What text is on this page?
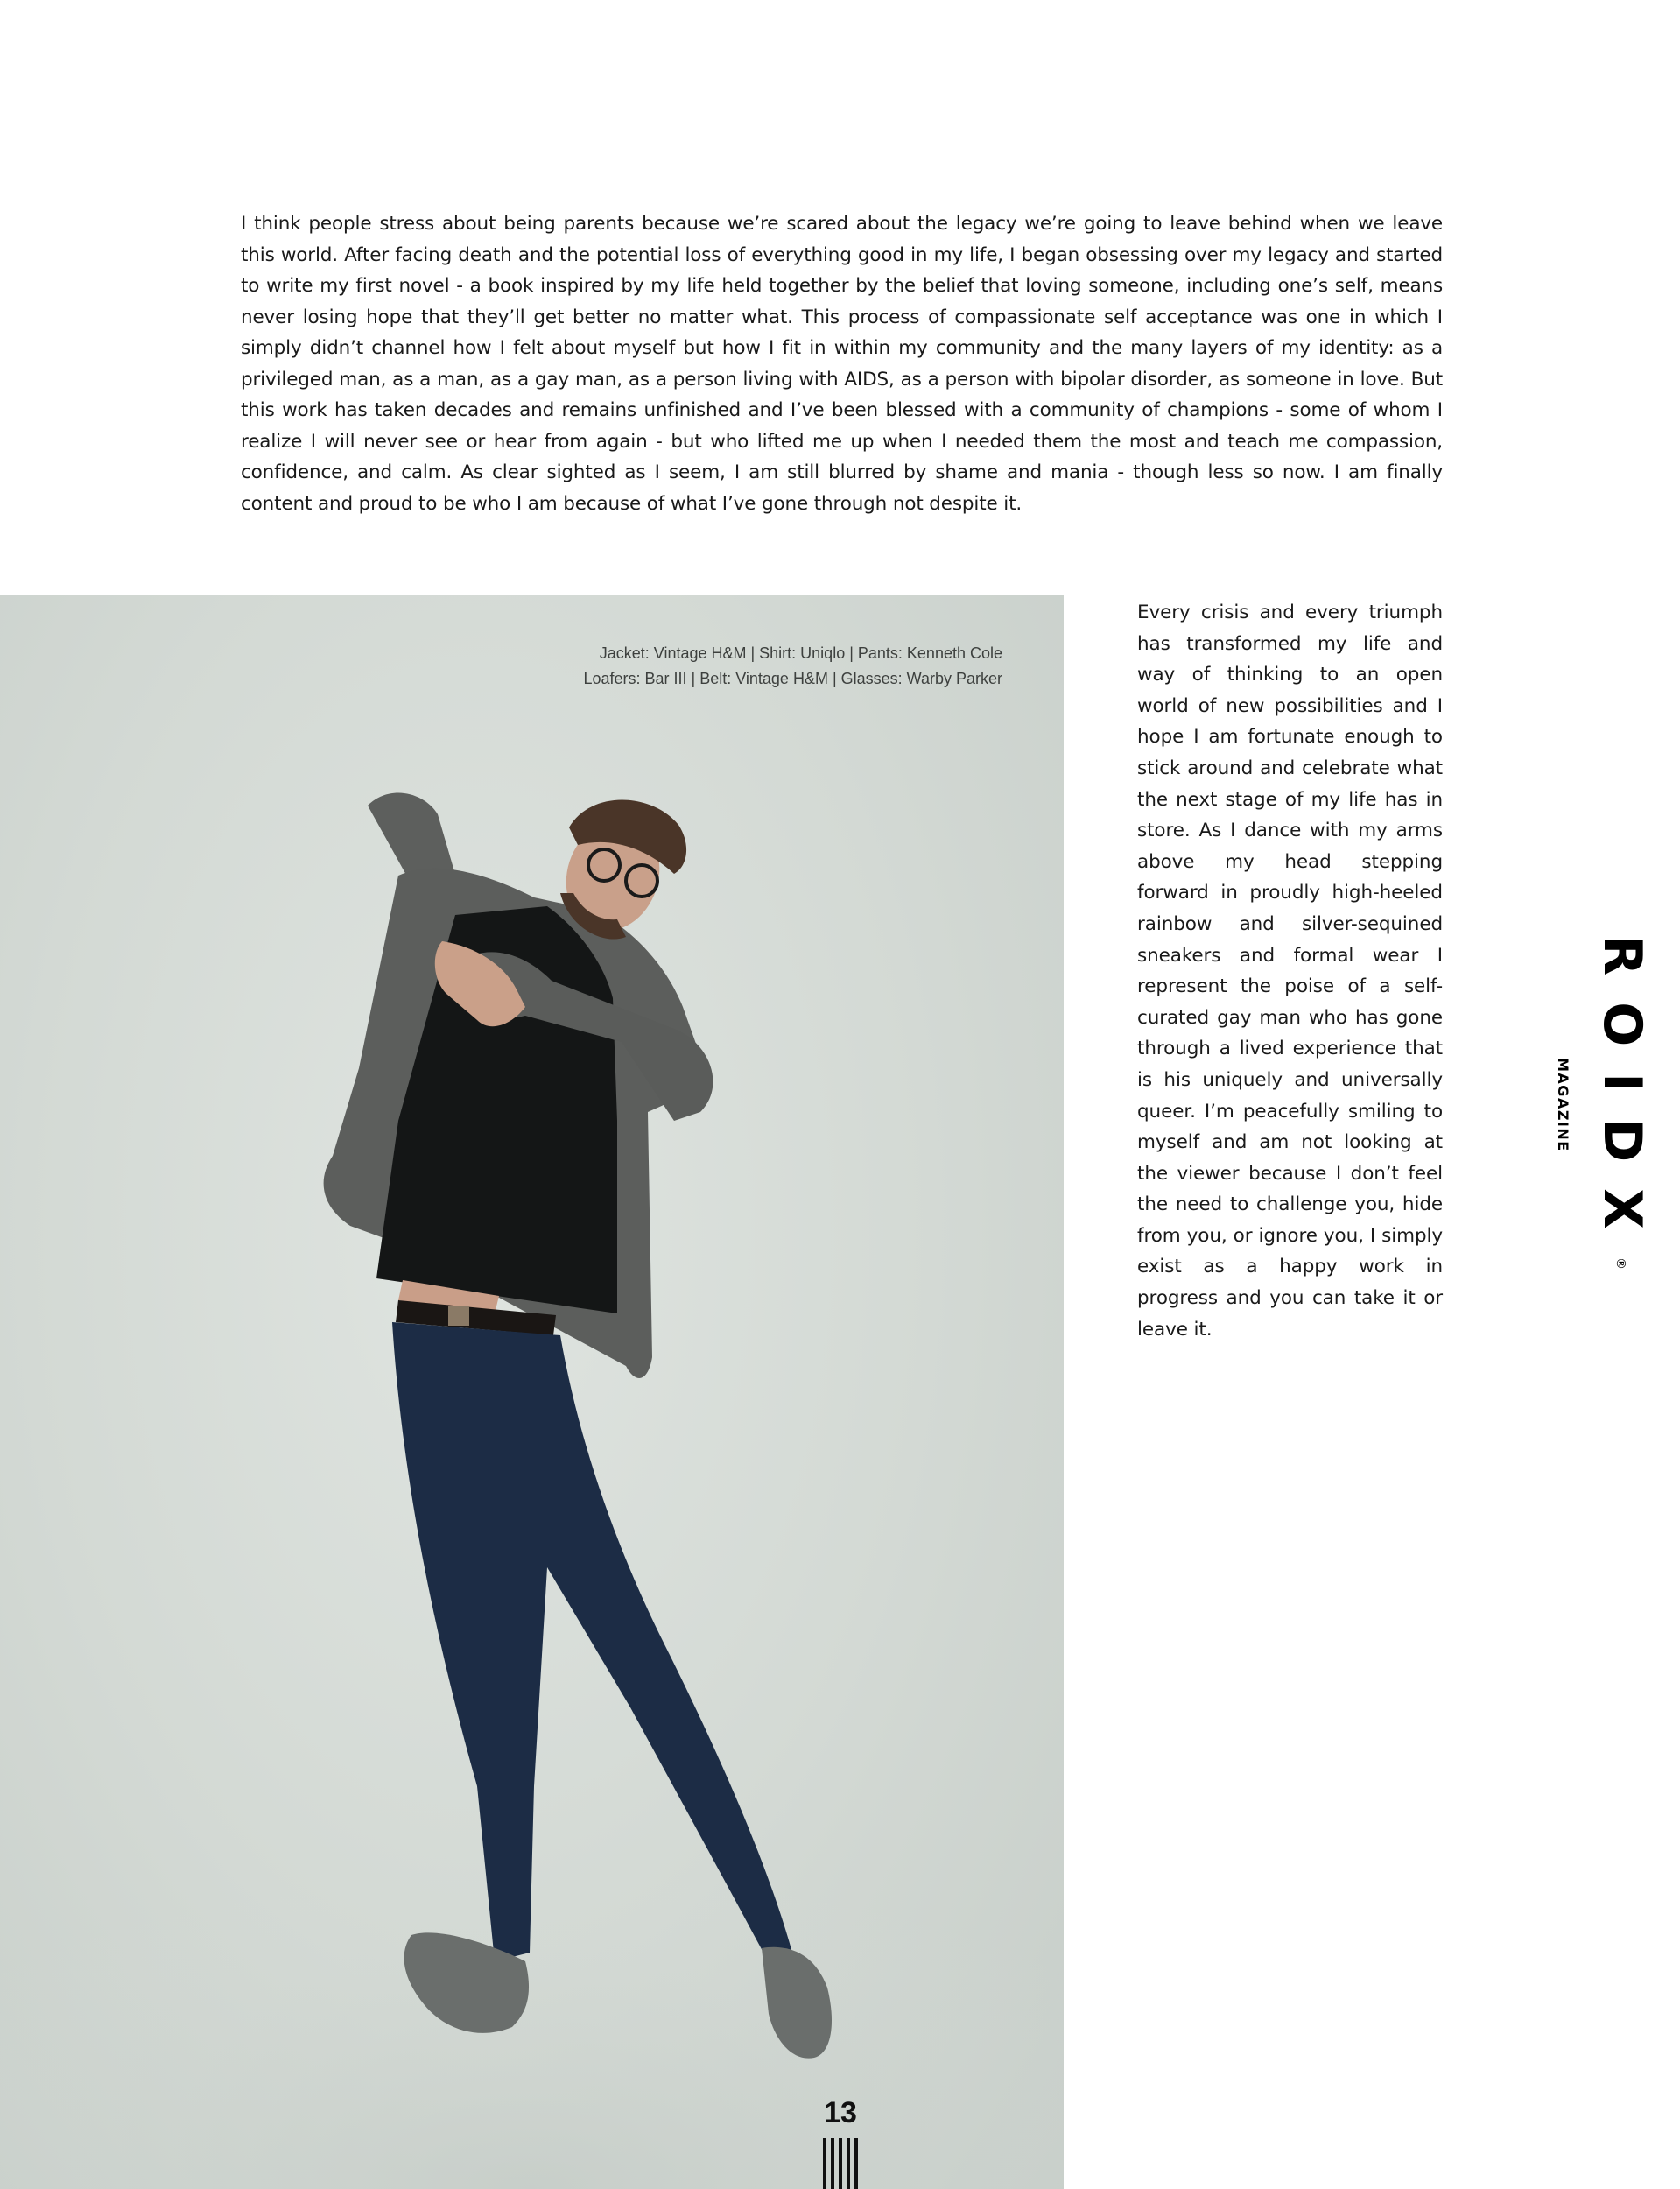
I think people stress about being parents because we’re scared about the legacy we’re going to leave behind when we leave this world. After facing death and the potential loss of everything good in my life, I began obsessing over my legacy and started to write my first novel - a book inspired by my life held together by the belief that loving someone, including one’s self, means never losing hope that they’ll get better no matter what. This process of compassionate self acceptance was one in which I simply didn’t channel how I felt about myself but how I fit in within my community and the many layers of my identity: as a privileged man, as a man, as a gay man, as a person living with AIDS, as a person with bipolar disorder, as someone in love. But this work has taken decades and remains unfinished and I’ve been blessed with a community of champions - some of whom I realize I will never see or hear from again - but who lifted me up when I needed them the most and teach me compassion, confidence, and calm. As clear sighted as I seem, I am still blurred by shame and mania - though less so now. I am finally content and proud to be who I am because of what I’ve gone through not despite it.

Jacket: Vintage H&M | Shirt: Uniqlo | Pants: Kenneth Cole
Loafers: Bar III | Belt: Vintage H&M | Glasses: Warby Parker

Every crisis and every triumph has transformed my life and way of thinking to an open world of new possibilities and I hope I am fortunate enough to stick around and celebrate what the next stage of my life has in store. As I dance with my arms above my head stepping forward in proudly high-heeled rainbow and silver-sequined sneakers and formal wear I represent the poise of a self-curated gay man who has gone through a lived experience that is his uniquely and universally queer. I’m peacefully smiling to myself and am not looking at the viewer because I don’t feel the need to challenge you, hide from you, or ignore you, I simply exist as a happy work in progress and you can take it or leave it.

ROIDX
MAGAZINE
®
13
